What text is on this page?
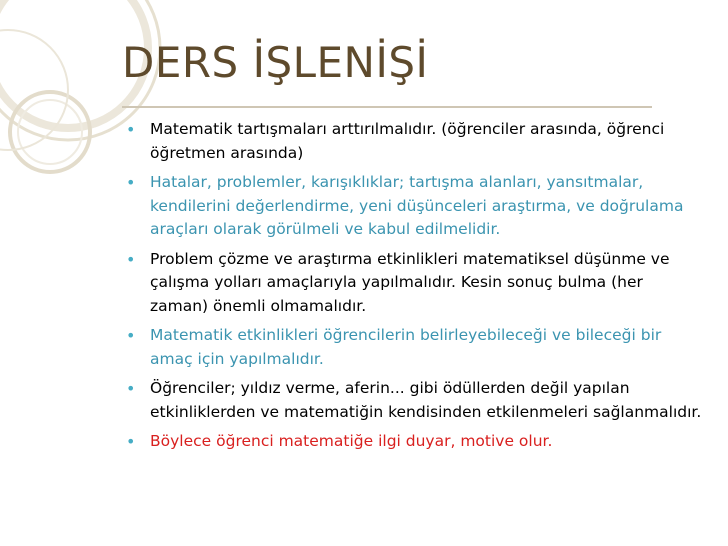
DERS İŞLENİŞİ
• Matematik tartışmaları arttırılmalıdır. (öğrenciler arasında, öğrenci öğretmen arasında)
• Hatalar, problemler, karışıklıklar; tartışma alanları, yansıtmalar, kendilerini değerlendirme, yeni düşünceleri araştırma, ve doğrulama araçları olarak görülmeli ve kabul edilmelidir.
• Problem çözme ve araştırma etkinlikleri matematiksel düşünme ve çalışma yolları amaçlarıyla yapılmalıdır. Kesin sonuç bulma (her zaman) önemli olmamalıdır.
• Matematik etkinlikleri öğrencilerin belirleyebileceği ve bileceği bir amaç için yapılmalıdır.
• Öğrenciler; yıldız verme, aferin... gibi ödüllerden değil yapılan etkinliklerden ve matematiğin kendisinden etkilenmeleri sağlanmalıdır.
• Böylece öğrenci matematiğe ilgi duyar, motive olur.
